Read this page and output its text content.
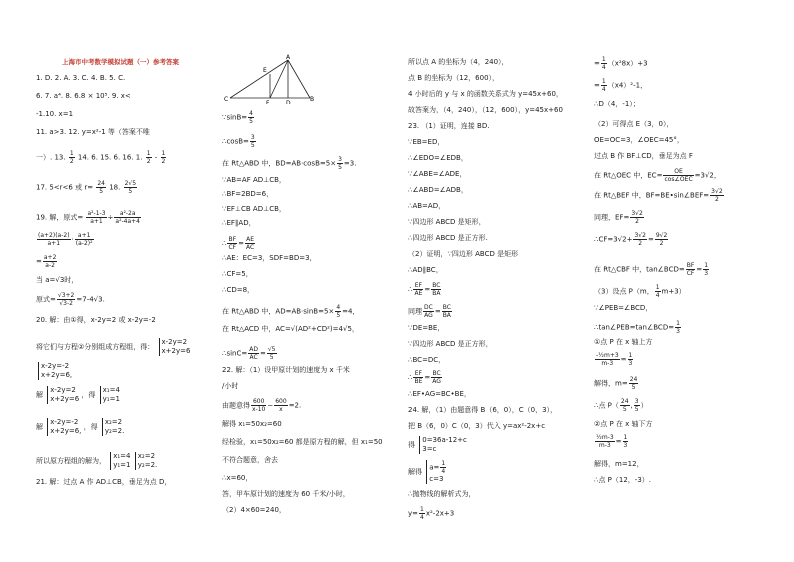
上海市中考数学模拟试题（一）参考答案
1. D. 2. A. 3. C. 4. B. 5. C.
6. 7. a⁴. 8. 6.8 × 10⁵. 9. x<
-1.10. x=1
11. a>3. 12. y=x²-1 等（答案不唯
一）. 13. $\frac{1}{2} 14$. 6. 15. 6. 16. 1. $\frac{1}{2} - \frac{1}{2}$
17. 5<r<6 或 $r= \frac{24}{5} 18$. $\frac{2√5}{5}$
19. 解，原式= $\frac{\text{a²-1-3}}{a+1} \div \frac{\text{a²-2a}}{\text{a²-4a+4}}$
$\frac{(a+2)(a-2)}{a+1} \cdot \frac{a+1}{\text{(a-2)²}}$
= $\frac{a+2}{a-2}$
当 a=√3时，
原式= $\frac{√3+2}{√3-2} =7-4√3$.
20. 解：由①得，x-2y=2 或 x-2y=-2
将它们与方程②分别组成方程组，得：
x-2y=2
x+2y=6
x-2y=-2
x+2y=6,
解
x-2y=2
x+2y=6 ，得
x₁=4
y₁=1
解
x-2y=-2
x+2y=6, ，得
x₂=2
y₂=2.
所以原方程组的解为，
x₁=4
y₁=1

x₂=2
y₂=2.
21. 解：过点 A 作 AD⊥CB，垂足为点 D，
A
E
F
C
D
B
∵sinB= $\frac{4}{5}$
∴cosB= $\frac{3}{5}$
在 Rt△ABD 中，$BD=AB\cdot\cos B=5\times \frac{3}{5} =3$.
∵AB=AF AD⊥CB，
∴BF=2BD=6，
∵EF⊥CB AD⊥CB，
∴EF∥AD，
∴ $\frac{BF}{CF} = \frac{AE}{AC}$
∴AE：EC=3，SDF=BD=3，
∴CF=5，
∴CD=8，
在 Rt△ABD 中，$AD=AB\cdot\sin B=5\times \frac{4}{5} =4$，
在 Rt△ACD 中，AC=√(AD²+CD²)=4√5，
∴sinC= $\frac{AD}{AC} = \frac{√5}{5}$
22. 解：（1）设甲原计划的速度为 x 千米
/小时
由题意得 $\frac{600}{x-10} - \frac{600}{x} =2$.
解得 x₁=50x₂=60
经检验，x₁=50x₂=60 都是原方程的解，但 x₁=50
不符合题意，舍去
∴x=60，
答，甲车原计划的速度为 60 千米/小时，
（2）4×60=240，
所以点 A 的坐标为（4，240），
点 B 的坐标为（12，600），
4 小时后的 y 与 x 的函数关系式为 y=45x+60，
故答案为，（4，240），（12，600），y=45x+60
23. （1）证明，连接 BD.
∵EB=ED，
∴∠EDO=∠EDB，
∵∠ABE=∠ADE，
∴∠ABD=∠ADB，
∴AB=AD，
∵四边形 ABCD 是矩形，
∴四边形 ABCD 是正方形.
（2）证明，∵四边形 ABCD 是矩形
∴AD∥BC，
∴ $\frac{EF}{AE} = \frac{BC}{BA}$
同理 $\frac{DC}{AG} = \frac{BC}{BA}$
∵DE=BE，
∵四边形 ABCD 是正方形，
∴BC=DC，
∴ $\frac{EF}{BE} = \frac{BC}{AG}$
∴EF•AG=BC•BE，
24. 解，（1）由题意得 B（6，0），C（0，3），
把 B（6，0）C（0，3）代入 y=ax²-2x+c
得
0=36a-12+c
3=c
解得
$a= \frac{1}{4}$
c=3
∴抛物线的解析式为，
$y= \frac{1}{4} x^2-2x+3$
= $\frac{1}{4} (x^28x)+3$
= $\frac{1}{4} (x4)^2-1$，
∴D（4，-1）；
（2）可得点 E（3，0），
OE=OC=3，∠OEC=45°，
过点 B 作 BF⊥CD，垂足为点 F
在 Rt△OEC 中，$EC= \frac{OE}{\text{cos∠OEC}} =3√2$，
在 Rt△BEF 中，BF=BE•sin∠BEF= $\frac{3√2}{2}$
同理，$EF= \frac{3√2}{2}$
∴CF=3√2+ $\frac{3√2}{2} = \frac{9√2}{2}$
在 Rt△CBF 中，tan∠BCD= $\frac{BF}{CF} = \frac{1}{3}$
（3）设点 P（m， $\frac{1}{4} m+3$）
∵∠PEB=∠BCD，
∴tan∠PEB=tan∠BCD= $\frac{1}{3}$
①点 P 在 x 轴上方
$\frac{\text{-½m+3}}{m-3} = \frac{1}{3}$
解得，$m= \frac{24}{5}$
∴点 $P( \frac{24}{5}$ , $\frac{3}{5}$ ）
②点 P 在 x 轴下方
$\frac{\text{½m-3}}{m-3} = \frac{1}{3}$
解得，m=12，
∴点 P（12，-3）.
